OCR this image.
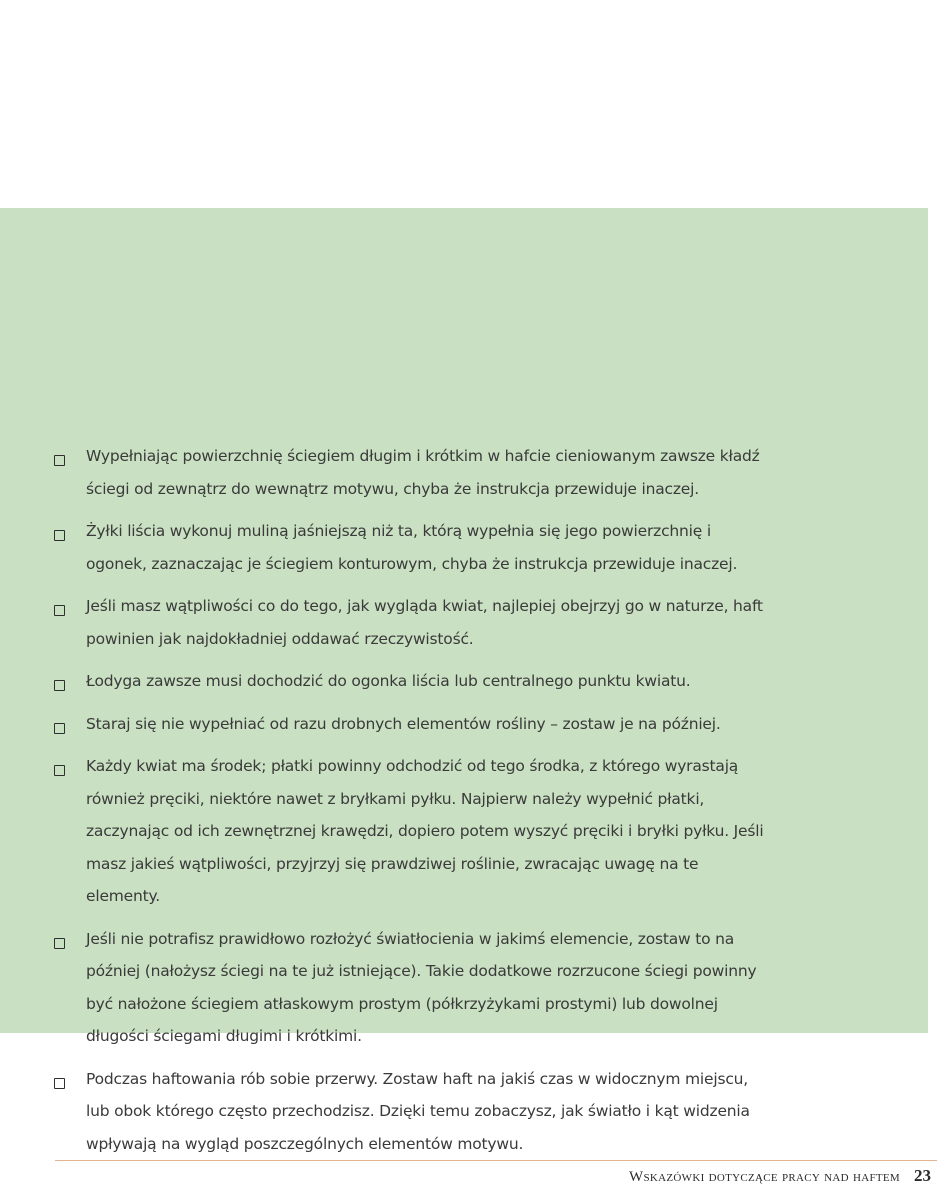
Wypełniając powierzchnię ściegiem długim i krótkim w hafcie cieniowanym zawsze kładź ściegi od zewnątrz do wewnątrz motywu, chyba że instrukcja przewiduje inaczej.
Żyłki liścia wykonuj muliną jaśniejszą niż ta, którą wypełnia się jego powierzchnię i ogonek, zaznaczając je ściegiem konturowym, chyba że instrukcja przewiduje inaczej.
Jeśli masz wątpliwości co do tego, jak wygląda kwiat, najlepiej obejrzyj go w naturze, haft powinien jak najdokładniej oddawać rzeczywistość.
Łodyga zawsze musi dochodzić do ogonka liścia lub centralnego punktu kwiatu.
Staraj się nie wypełniać od razu drobnych elementów rośliny – zostaw je na później.
Każdy kwiat ma środek; płatki powinny odchodzić od tego środka, z którego wyrastają również pręciki, niektóre nawet z bryłkami pyłku. Najpierw należy wypełnić płatki, zaczynając od ich zewnętrznej krawędzi, dopiero potem wyszyć pręciki i bryłki pyłku. Jeśli masz jakieś wątpliwości, przyjrzyj się prawdziwej roślinie, zwracając uwagę na te elementy.
Jeśli nie potrafisz prawidłowo rozłożyć światłocienia w jakimś elemencie, zostaw to na później (nałożysz ściegi na te już istniejące). Takie dodatkowe rozrzucone ściegi powinny być nałożone ściegiem atłaskowym prostym (półkrzyżykami prostymi) lub dowolnej długości ściegami długimi i krótkimi.
Podczas haftowania rób sobie przerwy. Zostaw haft na jakiś czas w widocznym miejscu, lub obok którego często przechodzisz. Dzięki temu zobaczysz, jak światło i kąt widzenia wpływają na wygląd poszczególnych elementów motywu.
Wskazówki dotyczące pracy nad haftem 23
